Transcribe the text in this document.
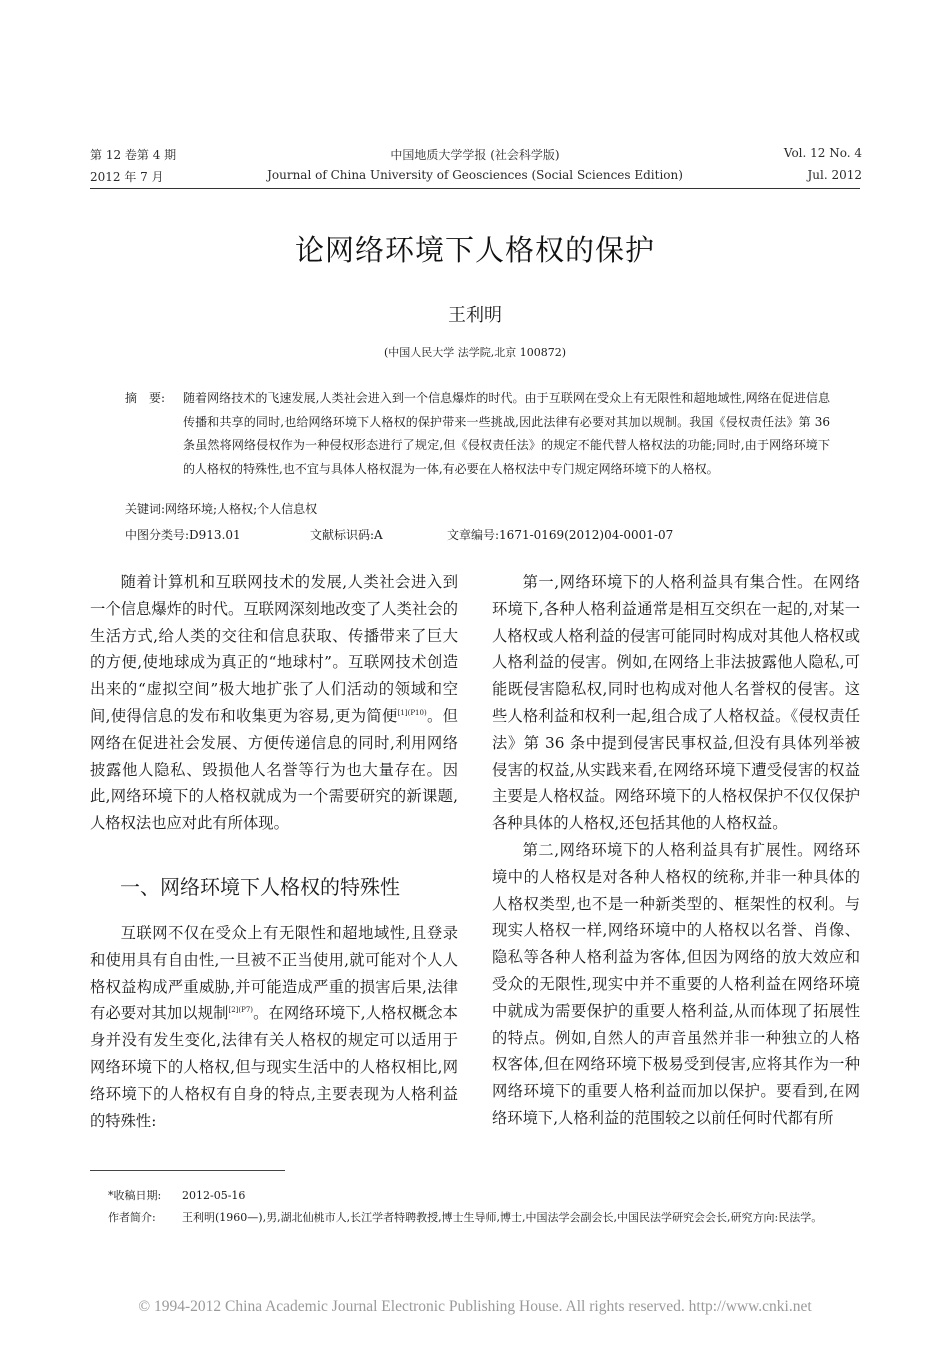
第 12 卷第 4 期	中国地质大学学报 (社会科学版)	Vol. 12 No. 4
2012 年 7 月	Journal of China University of Geosciences (Social Sciences Edition)	Jul. 2012
论网络环境下人格权的保护
王利明
(中国人民大学 法学院,北京 100872)
摘　要:	随着网络技术的飞速发展,人类社会进入到一个信息爆炸的时代。由于互联网在受众上有无限性和超地域性,网络在促进信息传播和共享的同时,也给网络环境下人格权的保护带来一些挑战,因此法律有必要对其加以规制。我国《侵权责任法》第 36 条虽然将网络侵权作为一种侵权形态进行了规定,但《侵权责任法》的规定不能代替人格权法的功能;同时,由于网络环境下的人格权的特殊性,也不宜与具体人格权混为一体,有必要在人格权法中专门规定网络环境下的人格权。
关键词:网络环境;人格权;个人信息权
中图分类号:D913.01	文献标识码:A	文章编号:1671-0169(2012)04-0001-07

随着计算机和互联网技术的发展,人类社会进入到一个信息爆炸的时代。互联网深刻地改变了人类社会的生活方式,给人类的交往和信息获取、传播带来了巨大的方便,使地球成为真正的“地球村”。互联网技术创造出来的“虚拟空间”极大地扩张了人们活动的领域和空间,使得信息的发布和收集更为容易,更为简便$^{[1](P10)}$。但网络在促进社会发展、方便传递信息的同时,利用网络披露他人隐私、毁损他人名誉等行为也大量存在。因此,网络环境下的人格权就成为一个需要研究的新课题,人格权法也应对此有所体现。

一、网络环境下人格权的特殊性

互联网不仅在受众上有无限性和超地域性,且登录和使用具有自由性,一旦被不正当使用,就可能对个人人格权益构成严重威胁,并可能造成严重的损害后果,法律有必要对其加以规制$^{[2](P7)}$。在网络环境下,人格权概念本身并没有发生变化,法律有关人格权的规定可以适用于网络环境下的人格权,但与现实生活中的人格权相比,网络环境下的人格权有自身的特点,主要表现为人格利益的特殊性:

第一,网络环境下的人格利益具有集合性。在网络环境下,各种人格利益通常是相互交织在一起的,对某一人格权或人格利益的侵害可能同时构成对其他人格权或人格利益的侵害。例如,在网络上非法披露他人隐私,可能既侵害隐私权,同时也构成对他人名誉权的侵害。这些人格利益和权利一起,组合成了人格权益。《侵权责任法》第 36 条中提到侵害民事权益,但没有具体列举被侵害的权益,从实践来看,在网络环境下遭受侵害的权益主要是人格权益。网络环境下的人格权保护不仅仅保护各种具体的人格权,还包括其他的人格权益。

第二,网络环境下的人格利益具有扩展性。网络环境中的人格权是对各种人格权的统称,并非一种具体的人格权类型,也不是一种新类型的、框架性的权利。与现实人格权一样,网络环境中的人格权以名誉、肖像、隐私等各种人格利益为客体,但因为网络的放大效应和受众的无限性,现实中并不重要的人格利益在网络环境中就成为需要保护的重要人格利益,从而体现了拓展性的特点。例如,自然人的声音虽然并非一种独立的人格权客体,但在网络环境下极易受到侵害,应将其作为一种网络环境下的重要人格利益而加以保护。要看到,在网络环境下,人格利益的范围较之以前任何时代都有所

*收稿日期: 2012-05-16
作者简介: 王利明(1960—),男,湖北仙桃市人,长江学者特聘教授,博士生导师,博士,中国法学会副会长,中国民法学研究会会长,研究方向:民法学。
© 1994-2012 China Academic Journal Electronic Publishing House. All rights reserved. http://www.cnki.net
